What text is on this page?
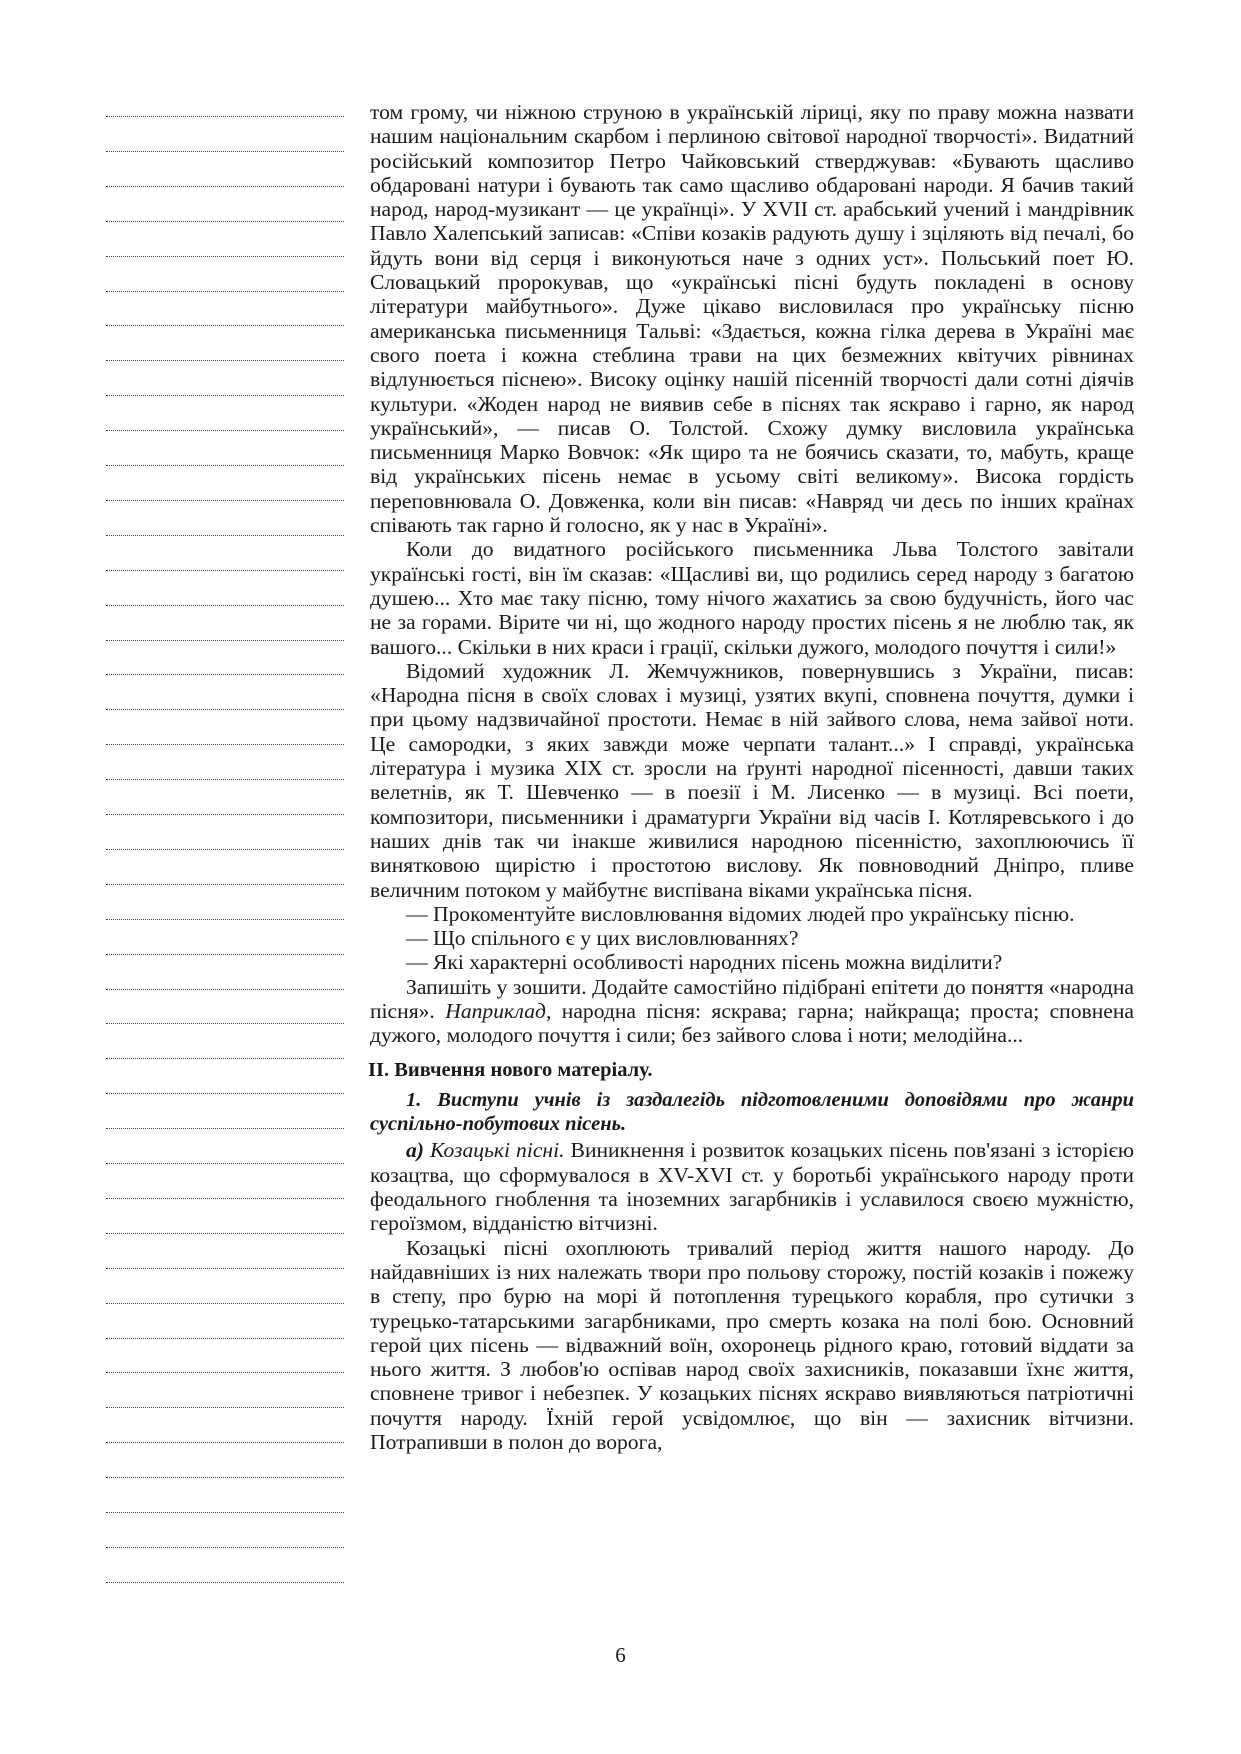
том грому, чи ніжною струною в українській ліриці, яку по праву можна назвати нашим національним скарбом і перлиною світової народної творчості». Видатний російський композитор Петро Чайковський стверджував: «Бувають щасливо обдаровані натури і бувають так само щасливо обдаровані народи. Я бачив такий народ, народ-музикант — це українці». У XVII ст. арабський учений і мандрівник Павло Халепський записав: «Співи козаків радують душу і зціляють від печалі, бо йдуть вони від серця і виконуються наче з одних уст». Польський поет Ю. Словацький пророкував, що «українські пісні будуть покладені в основу літератури майбутнього». Дуже цікаво висловилася про українську пісню американська письменниця Тальві: «Здається, кожна гілка дерева в Україні має свого поета і кожна стеблина трави на цих безмежних квітучих рівнинах відлунюється піснею». Високу оцінку нашій пісенній творчості дали сотні діячів культури. «Жоден народ не виявив себе в піснях так яскраво і гарно, як народ український», — писав О. Толстой. Схожу думку висловила українська письменниця Марко Вовчок: «Як щиро та не боячись сказати, то, мабуть, краще від українських пісень немає в усьому світі великому». Висока гордість переповнювала О. Довженка, коли він писав: «Навряд чи десь по інших країнах співають так гарно й голосно, як у нас в Україні».

Коли до видатного російського письменника Льва Толстого завітали українські гості, він їм сказав: «Щасливі ви, що родились серед народу з багатою душею... Хто має таку пісню, тому нічого жахатись за свою будучність, його час не за горами. Вірите чи ні, що жодного народу простих пісень я не люблю так, як вашого... Скільки в них краси і грації, скільки дужого, молодого почуття і сили!»

Відомий художник Л. Жемчужников, повернувшись з України, писав: «Народна пісня в своїх словах і музиці, узятих вкупі, сповнена почуття, думки і при цьому надзвичайної простоти. Немає в ній зайвого слова, нема зайвої ноти. Це самородки, з яких завжди може черпати талант...» І справді, українська література і музика XIX ст. зросли на ґрунті народної пісенності, давши таких велетнів, як Т. Шевченко — в поезії і М. Лисенко — в музиці. Всі поети, композитори, письменники і драматурги України від часів І. Котляревського і до наших днів так чи інакше живилися народною пісенністю, захоплюючись її винятковою щирістю і простотою вислову. Як повноводний Дніпро, пливе величним потоком у майбутнє виспівана віками українська пісня.

— Прокоментуйте висловлювання відомих людей про українську пісню.

— Що спільного є у цих висловлюваннях?

— Які характерні особливості народних пісень можна виділити?

Запишіть у зошити. Додайте самостійно підібрані епітети до поняття «народна пісня». Наприклад, народна пісня: яскрава; гарна; найкраща; проста; сповнена дужого, молодого почуття і сили; без зайвого слова і ноти; мелодійна...

II. Вивчення нового матеріалу.

1. Виступи учнів із заздалегідь підготовленими доповідями про жанри суспільно-побутових пісень.

а) Козацькі пісні. Виникнення і розвиток козацьких пісень пов'язані з історією козацтва, що сформувалося в XV-XVI ст. у боротьбі українського народу проти феодального гноблення та іноземних загарбників і уславилося своєю мужністю, героїзмом, відданістю вітчизні.

Козацькі пісні охоплюють тривалий період життя нашого народу. До найдавніших із них належать твори про польову сторожу, постій козаків і пожежу в степу, про бурю на морі й потоплення турецького корабля, про сутички з турецько-татарськими загарбниками, про смерть козака на полі бою. Основний герой цих пісень — відважний воїн, охоронець рідного краю, готовий віддати за нього життя. З любов'ю оспівав народ своїх захисників, показавши їхнє життя, сповнене тривог і небезпек. У козацьких піснях яскраво виявляються патріотичні почуття народу. Їхній герой усвідомлює, що він — захисник вітчизни. Потрапивши в полон до ворога,

6
